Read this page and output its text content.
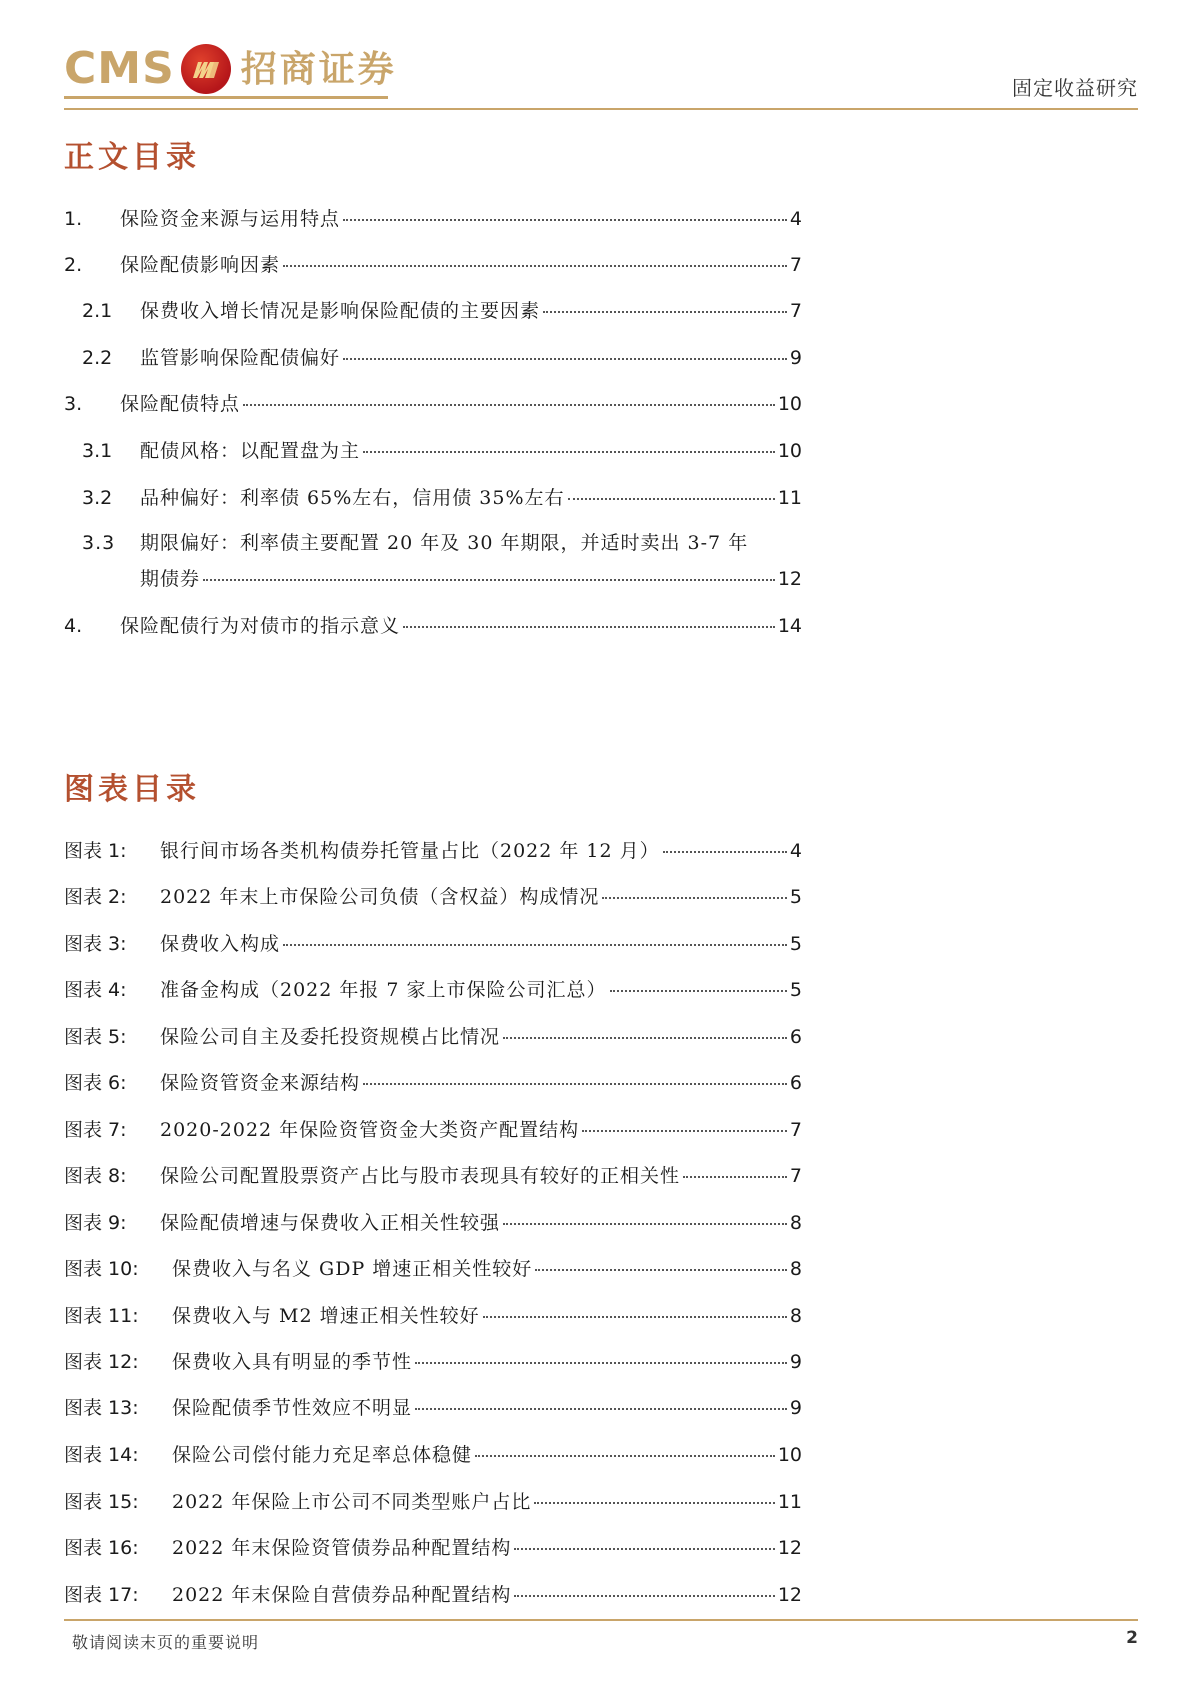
CMS 招商证券	固定收益研究
正文目录
1.	保险资金来源与运用特点	4
2.	保险配债影响因素	7
2.1	保费收入增长情况是影响保险配债的主要因素	7
2.2	监管影响保险配债偏好	9
3.	保险配债特点	10
3.1	配债风格：以配置盘为主	10
3.2	品种偏好：利率债 65%左右，信用债 35%左右	11
3.3 期限偏好：利率债主要配置 20 年及 30 年期限，并适时卖出 3-7 年
期债券	12
4.	保险配债行为对债市的指示意义	14
图表目录
图表 1:	银行间市场各类机构债券托管量占比（2022 年 12 月）	4
图表 2:	2022 年末上市保险公司负债（含权益）构成情况	5
图表 3:	保费收入构成	5
图表 4:	准备金构成（2022 年报 7 家上市保险公司汇总）	5
图表 5:	保险公司自主及委托投资规模占比情况	6
图表 6:	保险资管资金来源结构	6
图表 7:	2020-2022 年保险资管资金大类资产配置结构	7
图表 8:	保险公司配置股票资产占比与股市表现具有较好的正相关性	7
图表 9:	保险配债增速与保费收入正相关性较强	8
图表 10:	保费收入与名义 GDP 增速正相关性较好	8
图表 11:	保费收入与 M2 增速正相关性较好	8
图表 12:	保费收入具有明显的季节性	9
图表 13:	保险配债季节性效应不明显	9
图表 14:	保险公司偿付能力充足率总体稳健	10
图表 15:	2022 年保险上市公司不同类型账户占比	11
图表 16:	2022 年末保险资管债券品种配置结构	12
图表 17:	2022 年末保险自营债券品种配置结构	12
敬请阅读末页的重要说明	2
